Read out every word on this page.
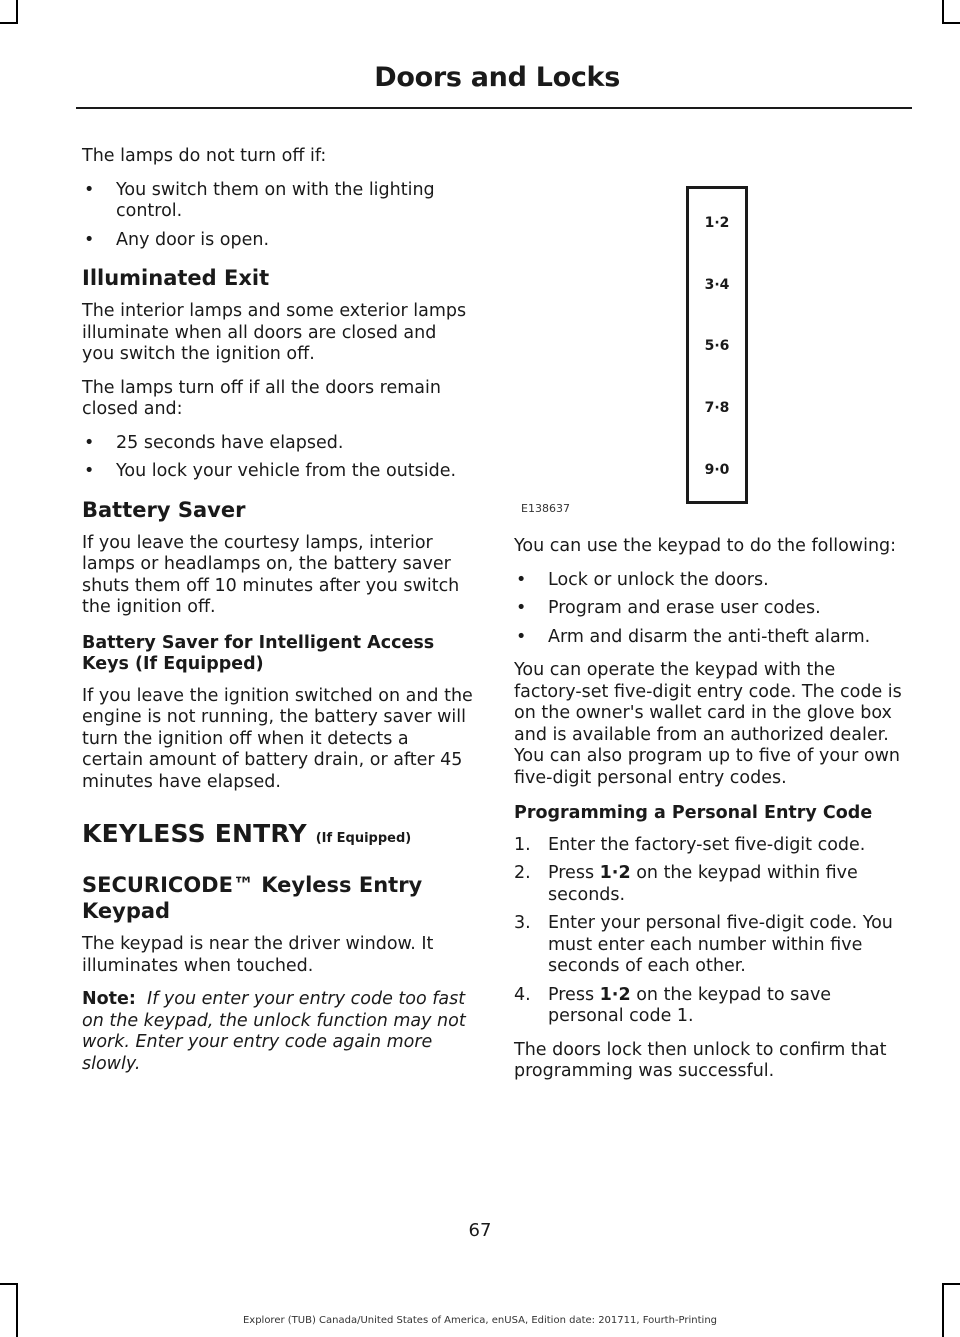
Doors and Locks

The lamps do not turn off if:

• You switch them on with the lighting control.
• Any door is open.
Illuminated Exit

The interior lamps and some exterior lamps illuminate when all doors are closed and you switch the ignition off.

The lamps turn off if all the doors remain closed and:

• 25 seconds have elapsed.
• You lock your vehicle from the outside.
Battery Saver

If you leave the courtesy lamps, interior lamps or headlamps on, the battery saver shuts them off 10 minutes after you switch the ignition off.

Battery Saver for Intelligent Access Keys (If Equipped)

If you leave the ignition switched on and the engine is not running, the battery saver will turn the ignition off when it detects a certain amount of battery drain, or after 45 minutes have elapsed.

KEYLESS ENTRY (If Equipped)
SECURICODE™ Keyless Entry Keypad

The keypad is near the driver window. It illuminates when touched.

Note: If you enter your entry code too fast on the keypad, the unlock function may not work. Enter your entry code again more slowly.

1·2
3·4
5·6
7·8
9·0
E138637

You can use the keypad to do the following:

• Lock or unlock the doors.
• Program and erase user codes.
• Arm and disarm the anti-theft alarm.

You can operate the keypad with the factory-set five-digit entry code. The code is on the owner's wallet card in the glove box and is available from an authorized dealer. You can also program up to five of your own five-digit personal entry codes.

Programming a Personal Entry Code
1. Enter the factory-set five-digit code.
2. Press 1·2 on the keypad within five seconds.
3. Enter your personal five-digit code. You must enter each number within five seconds of each other.
4. Press 1·2 on the keypad to save personal code 1.

The doors lock then unlock to confirm that programming was successful.

67
Explorer (TUB) Canada/United States of America, enUSA, Edition date: 201711, Fourth-Printing
